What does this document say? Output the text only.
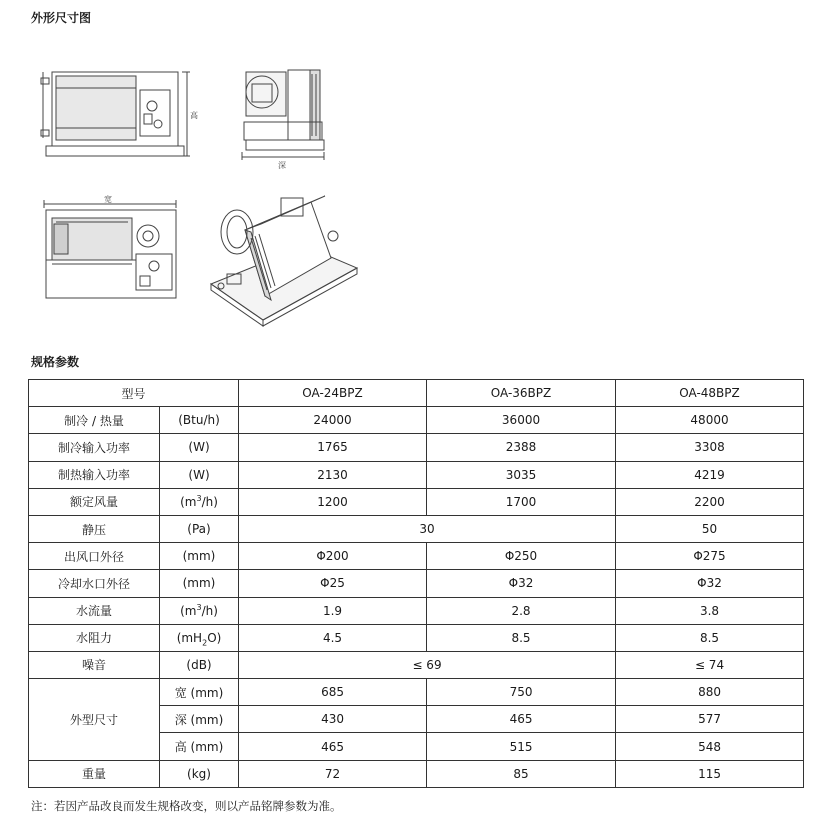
外形尺寸图
高
深
宽
规格参数
型号		OA-24BPZ	OA-36BPZ	OA-48BPZ
制冷 / 热量	(Btu/h)	24000	36000	48000
制冷输入功率	(W)	1765	2388	3308
制热输入功率	(W)	2130	3035	4219
额定风量	$(m^3/h)$	1200	1700	2200
静压	(Pa)	30		50
出风口外径	(mm)	Φ200	Φ250	Φ275
冷却水口外径	(mm)	Φ25	Φ32	Φ32
水流量	$(m^3/h)$	1.9	2.8	3.8
水阻力	$(mH_2O)$	4.5	8.5	8.5
噪音	(dB)	≤ 69		≤ 74
外型尺寸	宽 (mm)	685	750	880
	深 (mm)	430	465	577
	高 (mm)	465	515	548
重量	(kg)	72	85	115
注：若因产品改良而发生规格改变，则以产品铭牌参数为准。
